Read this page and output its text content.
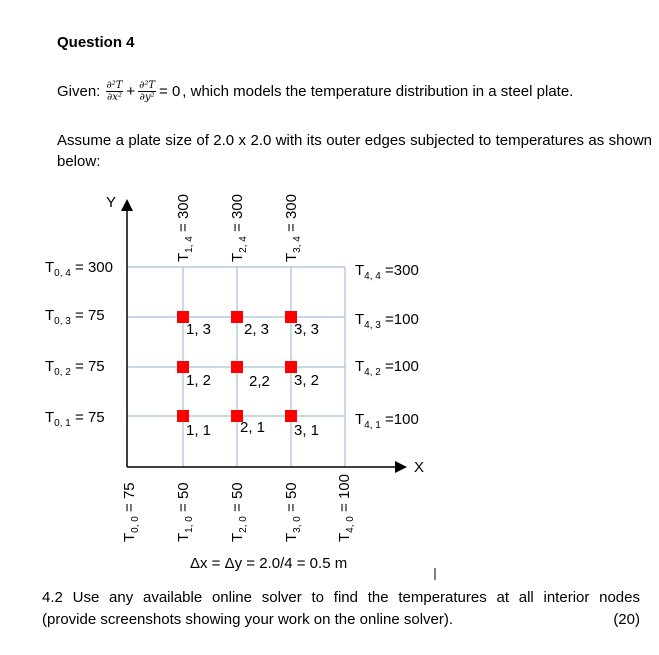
Question 4
Given:
$\frac{\text{∂²T}}{\text{∂x²}} + \frac{\text{∂²T}}{\text{∂y²}} = 0$ , which models the temperature distribution in a steel plate.
Assume a plate size of 2.0 x 2.0 with its outer edges subjected to temperatures as shown below:
Y
X
$T_{0, 4} = 300$
$T_{0, 3} = 75$
$T_{0, 2} = 75$
$T_{0, 1} = 75$
$T_{4, 4} =300$
$T_{4, 3} =100$
$T_{4, 2} =100$
$T_{4, 1} =100$
$T_{1, 4} = 300$
$T_{2, 4} = 300$
$T_{3, 4} = 300$
$T_{0, 0} = 75$
$T_{1, 0} = 50$
$T_{2, 0} = 50$
$T_{3, 0} = 50$
$T_{4, 0} = 100$
1, 3 2, 3 3, 3
1, 2	2,2 3, 2
1, 1 2, 1 3, 1
Δx = Δy = 2.0/4 = 0.5 m
4.2 Use any available online solver to find the temperatures at all interior nodes
(provide screenshots showing your work on the online solver).	(20)
